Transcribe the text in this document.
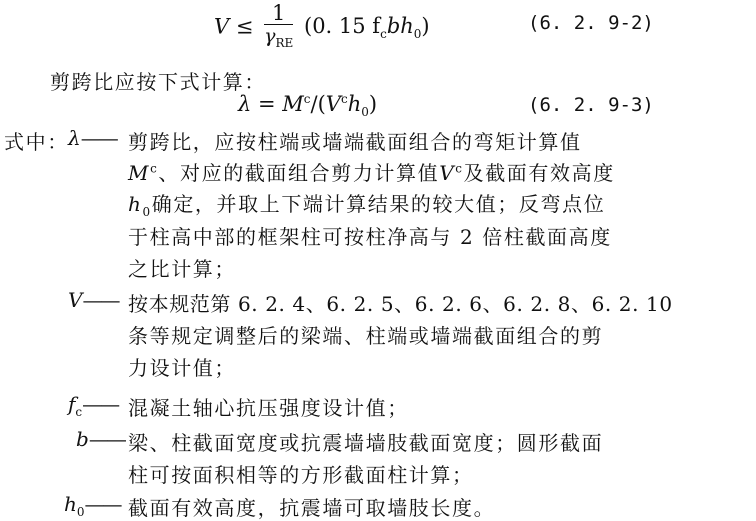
$V \le \frac{1}{\gamma_{RE}} (0$. 15 $f_cbh_0$)	(6. 2. 9-2)
剪跨比应按下式计算：
$\lambda = M^c/(V^ch_0)$	(6. 2. 9-3)
式中： λ—— 剪跨比，应按柱端或墙端截面组合的弯矩计算值
$M^c$、对应的截面组合剪力计算值$V^c$及截面有效高度
$h_0$确定，并取上下端计算结果的较大值；反弯点位
于柱高中部的框架柱可按柱净高与 2 倍柱截面高度
之比计算；
V—— 按本规范第 6. 2. 4、6. 2. 5、6. 2. 6、6. 2. 8、6. 2. 10
条等规定调整后的梁端、柱端或墙端截面组合的剪
力设计值；
$f_c——$ 混凝土轴心抗压强度设计值；
b—— 梁、柱截面宽度或抗震墙墙肢截面宽度；圆形截面
柱可按面积相等的方形截面柱计算；
$h_0——$ 截面有效高度，抗震墙可取墙肢长度。
